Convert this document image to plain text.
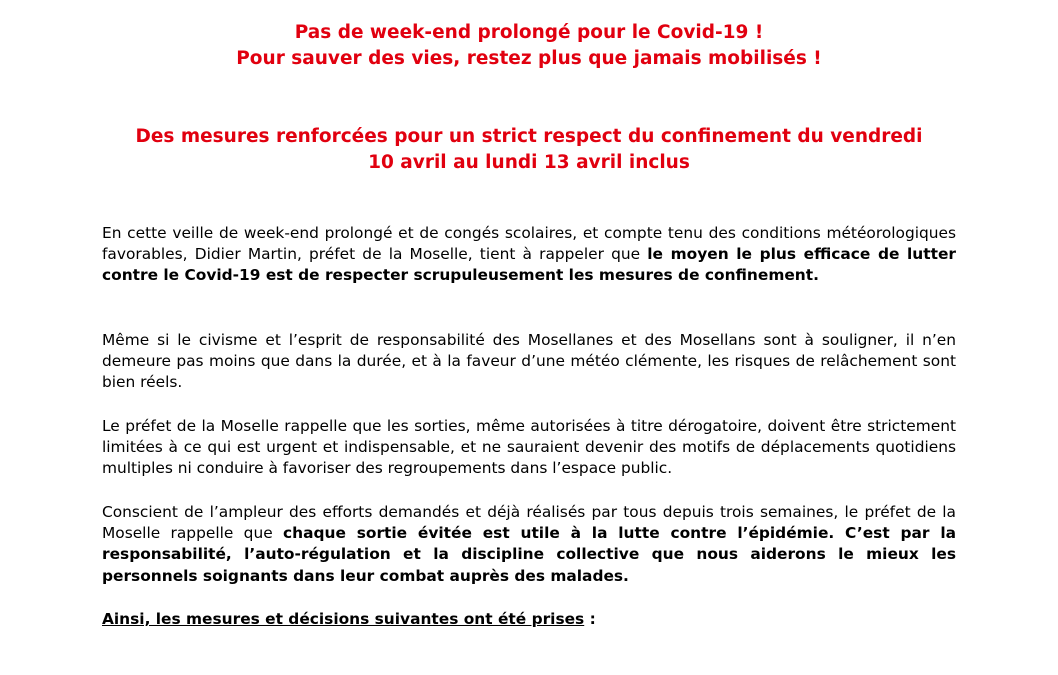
Pas de week-end prolongé pour le Covid-19 !
Pour sauver des vies, restez plus que jamais mobilisés !
Des mesures renforcées pour un strict respect du confinement du vendredi
10 avril au lundi 13 avril inclus

En cette veille de week-end prolongé et de congés scolaires, et compte tenu des conditions météorologiques favorables, Didier Martin, préfet de la Moselle, tient à rappeler que le moyen le plus efficace de lutter contre le Covid-19 est de respecter scrupuleusement les mesures de confinement.

Même si le civisme et l’esprit de responsabilité des Mosellanes et des Mosellans sont à souligner, il n’en demeure pas moins que dans la durée, et à la faveur d’une météo clémente, les risques de relâchement sont bien réels.

Le préfet de la Moselle rappelle que les sorties, même autorisées à titre dérogatoire, doivent être strictement limitées à ce qui est urgent et indispensable, et ne sauraient devenir des motifs de déplacements quotidiens multiples ni conduire à favoriser des regroupements dans l’espace public.

Conscient de l’ampleur des efforts demandés et déjà réalisés par tous depuis trois semaines, le préfet de la Moselle rappelle que chaque sortie évitée est utile à la lutte contre l’épidémie. C’est par la responsabilité, l’auto-régulation et la discipline collective que nous aiderons le mieux les personnels soignants dans leur combat auprès des malades.

Ainsi, les mesures et décisions suivantes ont été prises :
